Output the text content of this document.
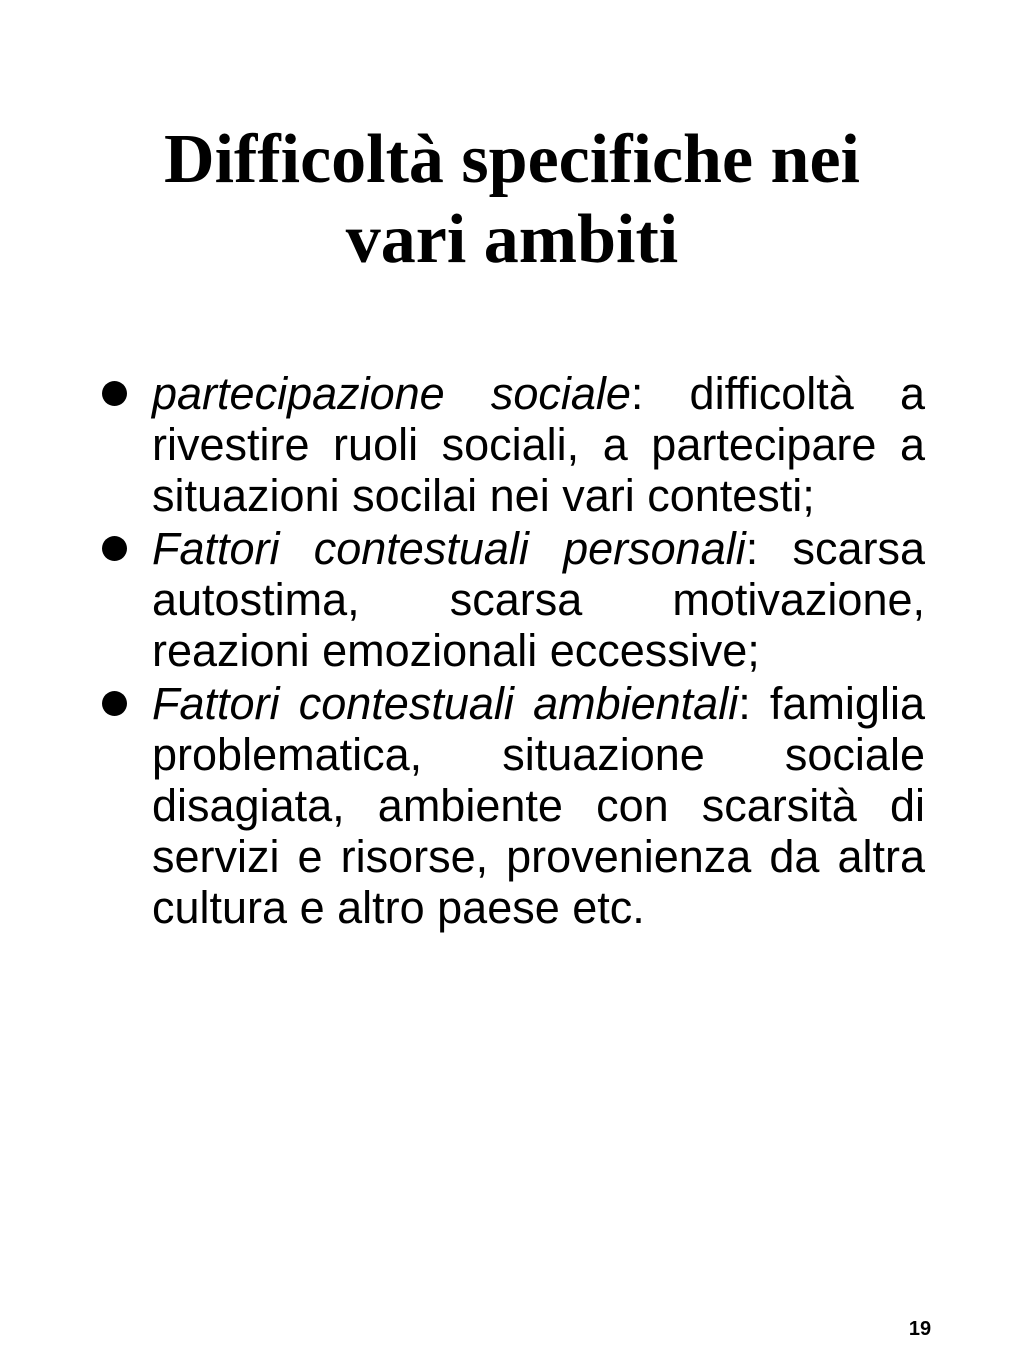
Difficoltà specifiche nei
vari ambiti
partecipazione sociale: difficoltà a rivestire ruoli sociali, a partecipare a situazioni socilai nei vari contesti;
Fattori contestuali personali: scarsa autostima, scarsa motivazione, reazioni emozionali eccessive;
Fattori contestuali ambientali: famiglia problematica, situazione sociale disagiata, ambiente con scarsità di servizi e risorse, provenienza da altra cultura e altro paese etc.
19
